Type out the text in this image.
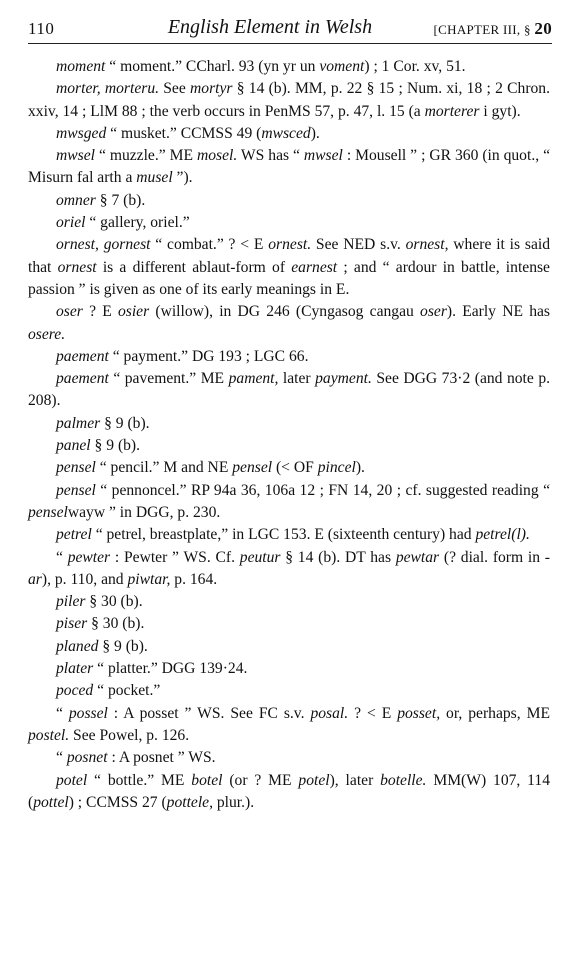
110	English Element in Welsh	[CHAPTER III, § 20

moment “ moment.” CCharl. 93 (yn yr un voment) ; 1 Cor. xv, 51.

morter, morteru. See mortyr § 14 (b). MM, p. 22 § 15 ; Num. xi, 18 ; 2 Chron. xxiv, 14 ; LlM 88 ; the verb occurs in PenMS 57, p. 47, l. 15 (a morterer i gyt).

mwsged “ musket.” CCMSS 49 (mwsced).

mwsel “ muzzle.” ME mosel. WS has “ mwsel : Mousell ” ; GR 360 (in quot., “ Misurn fal arth a musel ”).

omner § 7 (b).

oriel “ gallery, oriel.”

ornest, gornest “ combat.” ? < E ornest. See NED s.v. ornest, where it is said that ornest is a different ablaut-form of earnest ; and “ ardour in battle, intense passion ” is given as one of its early meanings in E.

oser ? E osier (willow), in DG 246 (Cyngasog cangau oser). Early NE has osere.

paement “ payment.” DG 193 ; LGC 66.

paement “ pavement.” ME pament, later payment. See DGG 73·2 (and note p. 208).

palmer § 9 (b).

panel § 9 (b).

pensel “ pencil.” M and NE pensel (< OF pincel).

pensel “ pennoncel.” RP 94a 36, 106a 12 ; FN 14, 20 ; cf. suggested reading “ penselwayw ” in DGG, p. 230.

petrel “ petrel, breastplate,” in LGC 153. E (sixteenth century) had petrel(l).

“ pewter : Pewter ” WS. Cf. peutur § 14 (b). DT has pewtar (? dial. form in -ar), p. 110, and piwtar, p. 164.

piler § 30 (b).

piser § 30 (b).

planed § 9 (b).

plater “ platter.” DGG 139·24.

poced “ pocket.”

“ possel : A posset ” WS. See FC s.v. posal. ? < E posset, or, perhaps, ME postel. See Powel, p. 126.

“ posnet : A posnet ” WS.

potel “ bottle.” ME botel (or ? ME potel), later botelle. MM(W) 107, 114 (pottel) ; CCMSS 27 (pottele, plur.).
